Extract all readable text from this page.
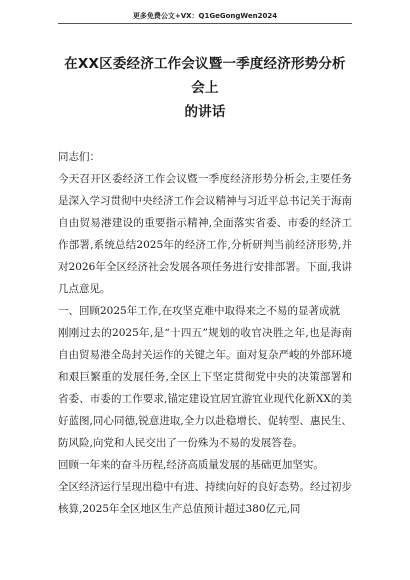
更多免费公文+VX：Q1GeGongWen2024
在XX区委经济工作会议暨一季度经济形势分析会上
的讲话
同志们：

今天召开区委经济工作会议暨一季度经济形势分析会,主要任务是深入学习贯彻中央经济工作会议精神与习近平总书记关于海南自由贸易港建设的重要指示精神,全面落实省委、市委的经济工作部署,系统总结2025年的经济工作,分析研判当前经济形势,并对2026年全区经济社会发展各项任务进行安排部署。下面,我讲几点意见。

一、回顾2025年工作,在攻坚克难中取得来之不易的显著成就

刚刚过去的2025年,是“十四五”规划的收官决胜之年,也是海南自由贸易港全岛封关运作的关键之年。面对复杂严峻的外部环境和艰巨繁重的发展任务,全区上下坚定贯彻党中央的决策部署和省委、市委的工作要求,锚定建设宜居宜游宜业现代化新XX的美好蓝图,同心同德,锐意进取,全力以赴稳增长、促转型、惠民生、防风险,向党和人民交出了一份殊为不易的发展答卷。

回顾一年来的奋斗历程,经济高质量发展的基础更加坚实。

全区经济运行呈现出稳中有进、持续向好的良好态势。经过初步核算,2025年全区地区生产总值预计超过380亿元,同
